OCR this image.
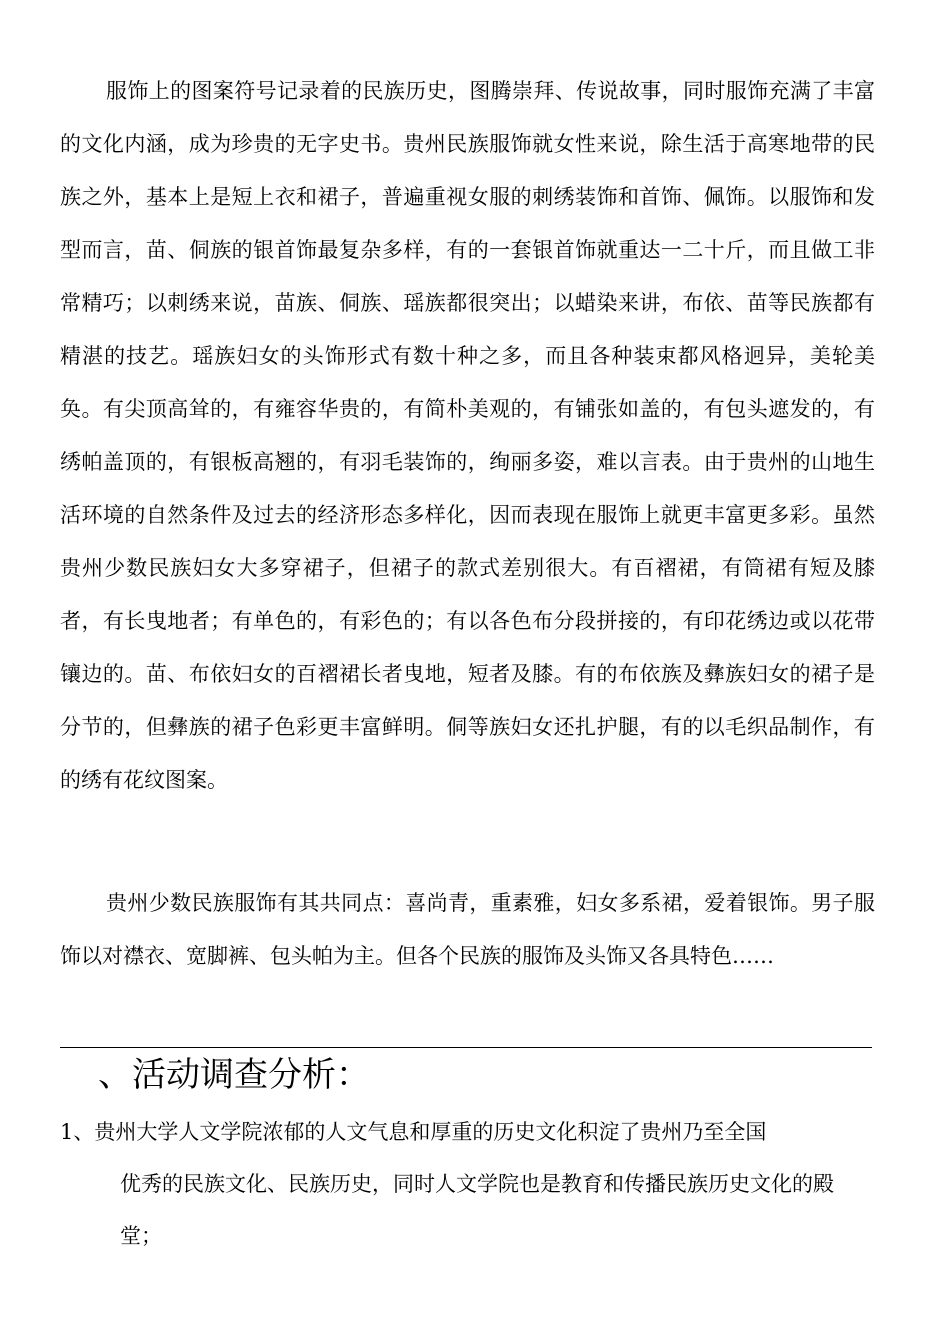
服饰上的图案符号记录着的民族历史，图腾崇拜、传说故事，同时服饰充满了丰富的文化内涵，成为珍贵的无字史书。贵州民族服饰就女性来说，除生活于高寒地带的民族之外，基本上是短上衣和裙子，普遍重视女服的刺绣装饰和首饰、佩饰。以服饰和发型而言，苗、侗族的银首饰最复杂多样，有的一套银首饰就重达一二十斤，而且做工非常精巧；以刺绣来说，苗族、侗族、瑶族都很突出；以蜡染来讲，布依、苗等民族都有精湛的技艺。瑶族妇女的头饰形式有数十种之多，而且各种装束都风格迥异，美轮美奂。有尖顶高耸的，有雍容华贵的，有简朴美观的，有铺张如盖的，有包头遮发的，有绣帕盖顶的，有银板高翘的，有羽毛装饰的，绚丽多姿，难以言表。由于贵州的山地生活环境的自然条件及过去的经济形态多样化，因而表现在服饰上就更丰富更多彩。虽然贵州少数民族妇女大多穿裙子，但裙子的款式差别很大。有百褶裙，有筒裙有短及膝者，有长曳地者；有单色的，有彩色的；有以各色布分段拼接的，有印花绣边或以花带镶边的。苗、布依妇女的百褶裙长者曳地，短者及膝。有的布依族及彝族妇女的裙子是分节的，但彝族的裙子色彩更丰富鲜明。侗等族妇女还扎护腿，有的以毛织品制作，有的绣有花纹图案。

贵州少数民族服饰有其共同点：喜尚青，重素雅，妇女多系裙，爱着银饰。男子服饰以对襟衣、宽脚裤、包头帕为主。但各个民族的服饰及头饰又各具特色……

、活动调查分析：

1、贵州大学人文学院浓郁的人文气息和厚重的历史文化积淀了贵州乃至全国

优秀的民族文化、民族历史，同时人文学院也是教育和传播民族历史文化的殿堂；
